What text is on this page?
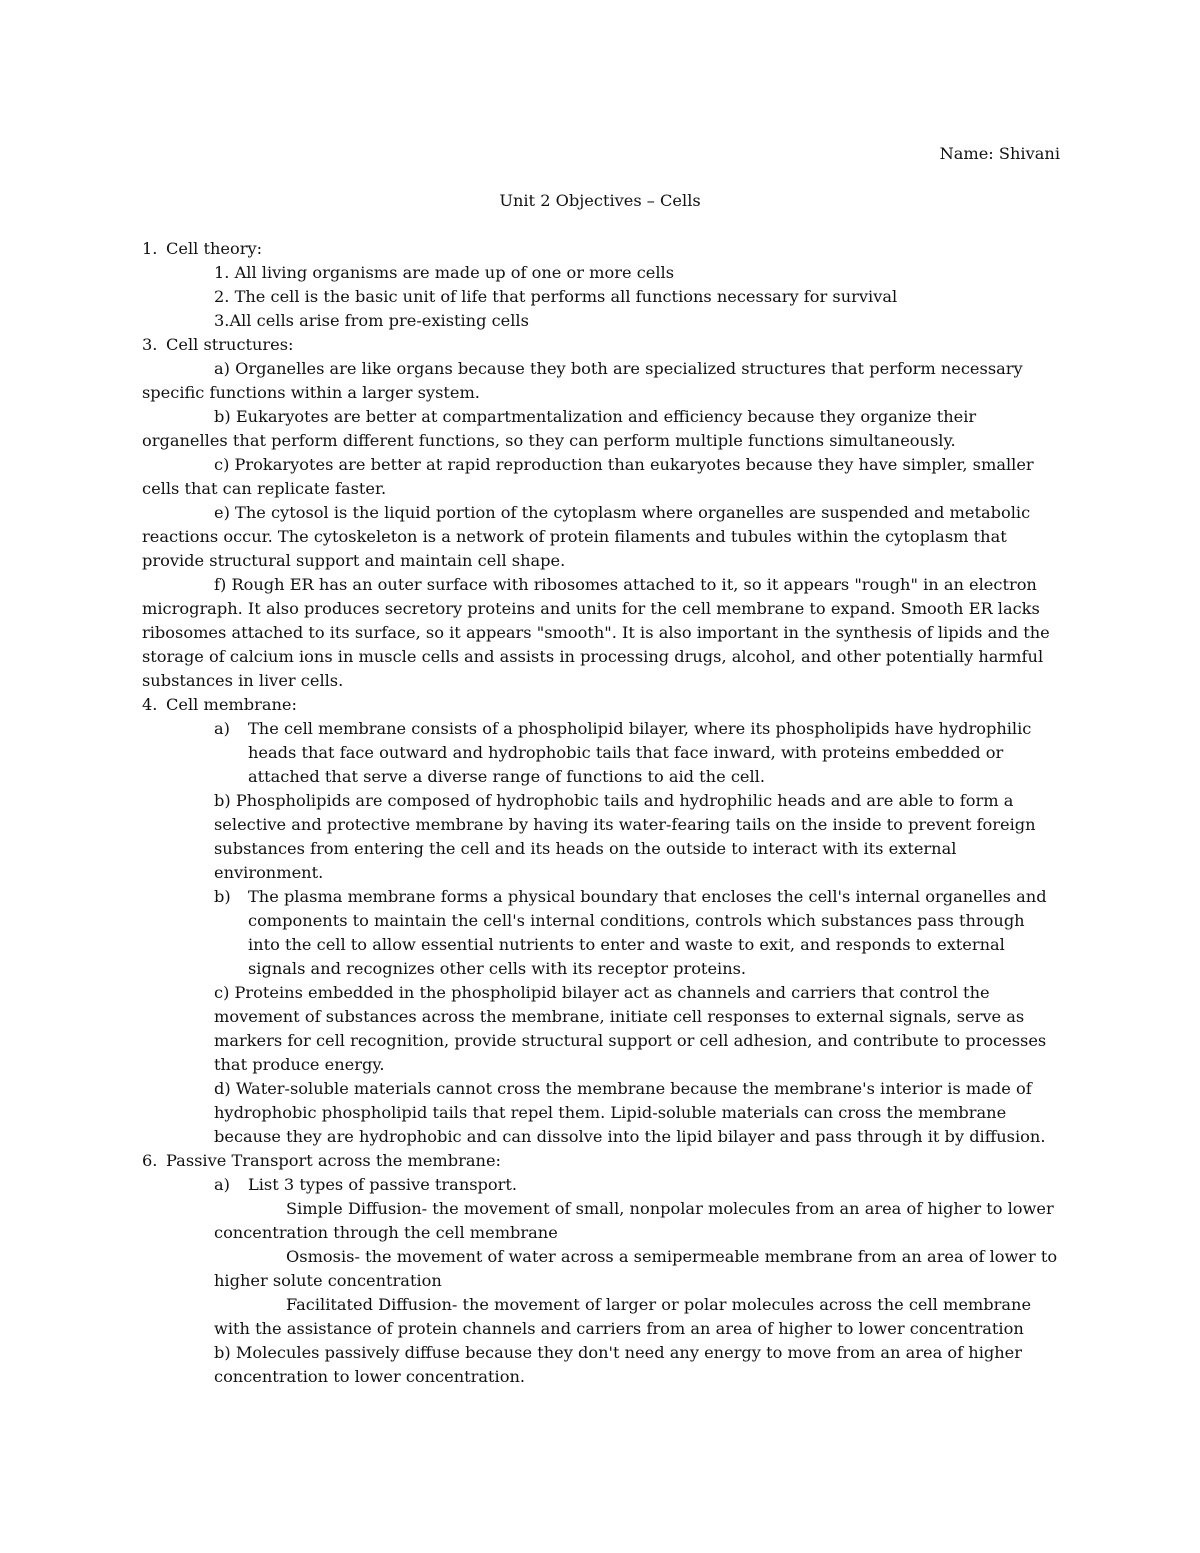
Name: Shivani
Unit 2 Objectives – Cells
1. Cell theory:
1. All living organisms are made up of one or more cells
2. The cell is the basic unit of life that performs all functions necessary for survival
3.All cells arise from pre-existing cells
3. Cell structures:

a) Organelles are like organs because they both are specialized structures that perform necessary specific functions within a larger system.

b) Eukaryotes are better at compartmentalization and efficiency because they organize their organelles that perform different functions, so they can perform multiple functions simultaneously.

c) Prokaryotes are better at rapid reproduction than eukaryotes because they have simpler, smaller cells that can replicate faster.

e) The cytosol is the liquid portion of the cytoplasm where organelles are suspended and metabolic reactions occur. The cytoskeleton is a network of protein filaments and tubules within the cytoplasm that provide structural support and maintain cell shape.

f) Rough ER has an outer surface with ribosomes attached to it, so it appears "rough" in an electron micrograph. It also produces secretory proteins and units for the cell membrane to expand. Smooth ER lacks ribosomes attached to its surface, so it appears "smooth". It is also important in the synthesis of lipids and the storage of calcium ions in muscle cells and assists in processing drugs, alcohol, and other potentially harmful substances in liver cells.

4. Cell membrane:

a) The cell membrane consists of a phospholipid bilayer, where its phospholipids have hydrophilic heads that face outward and hydrophobic tails that face inward, with proteins embedded or attached that serve a diverse range of functions to aid the cell.

b) Phospholipids are composed of hydrophobic tails and hydrophilic heads and are able to form a selective and protective membrane by having its water-fearing tails on the inside to prevent foreign substances from entering the cell and its heads on the outside to interact with its external environment.

b) The plasma membrane forms a physical boundary that encloses the cell's internal organelles and components to maintain the cell's internal conditions, controls which substances pass through into the cell to allow essential nutrients to enter and waste to exit, and responds to external signals and recognizes other cells with its receptor proteins.

c) Proteins embedded in the phospholipid bilayer act as channels and carriers that control the movement of substances across the membrane, initiate cell responses to external signals, serve as markers for cell recognition, provide structural support or cell adhesion, and contribute to processes that produce energy.

d) Water-soluble materials cannot cross the membrane because the membrane's interior is made of hydrophobic phospholipid tails that repel them. Lipid-soluble materials can cross the membrane because they are hydrophobic and can dissolve into the lipid bilayer and pass through it by diffusion.

6. Passive Transport across the membrane:

a) List 3 types of passive transport.

Simple Diffusion- the movement of small, nonpolar molecules from an area of higher to lower concentration through the cell membrane

Osmosis- the movement of water across a semipermeable membrane from an area of lower to higher solute concentration

Facilitated Diffusion- the movement of larger or polar molecules across the cell membrane with the assistance of protein channels and carriers from an area of higher to lower concentration

b) Molecules passively diffuse because they don't need any energy to move from an area of higher concentration to lower concentration.
